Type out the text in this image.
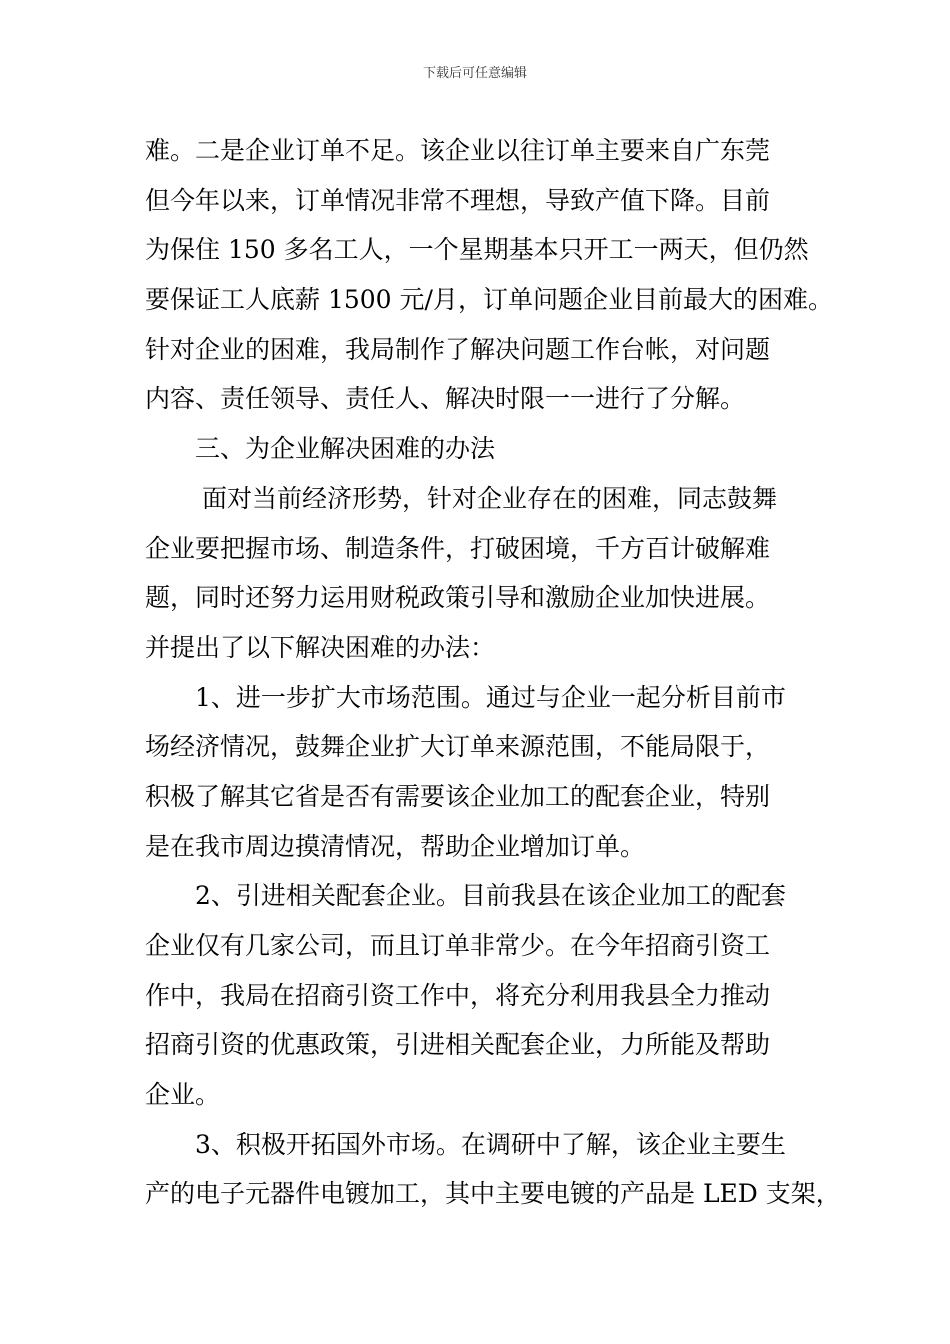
下载后可任意编辑
难。二是企业订单不足。该企业以往订单主要来自广东莞
但今年以来，订单情况非常不理想，导致产值下降。目前
为保住 150 多名工人，一个星期基本只开工一两天，但仍然
要保证工人底薪 1500 元/月，订单问题企业目前最大的困难。
针对企业的困难，我局制作了解决问题工作台帐，对问题
内容、责任领导、责任人、解决时限一一进行了分解。
三、为企业解决困难的办法
面对当前经济形势，针对企业存在的困难，同志鼓舞
企业要把握市场、制造条件，打破困境，千方百计破解难
题，同时还努力运用财税政策引导和激励企业加快进展。
并提出了以下解决困难的办法：
1、进一步扩大市场范围。通过与企业一起分析目前市
场经济情况，鼓舞企业扩大订单来源范围，不能局限于，
积极了解其它省是否有需要该企业加工的配套企业，特别
是在我市周边摸清情况，帮助企业增加订单。
2、引进相关配套企业。目前我县在该企业加工的配套
企业仅有几家公司，而且订单非常少。在今年招商引资工
作中，我局在招商引资工作中，将充分利用我县全力推动
招商引资的优惠政策，引进相关配套企业，力所能及帮助
企业。
3、积极开拓国外市场。在调研中了解，该企业主要生
产的电子元器件电镀加工，其中主要电镀的产品是 LED 支架，
